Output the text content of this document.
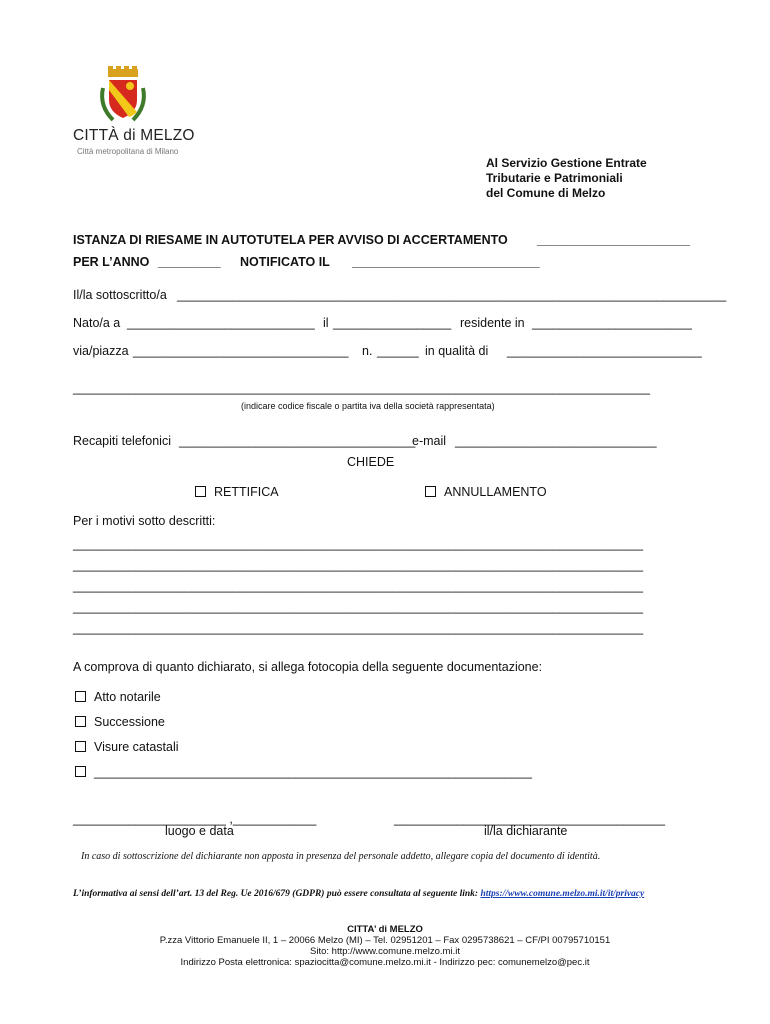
CITTÀ di MELZO
Città metropolitana di Milano
Al Servizio Gestione Entrate
Tributarie e Patrimoniali
del Comune di Melzo
ISTANZA DI RIESAME IN AUTOTUTELA PER AVVISO DI ACCERTAMENTO ______________________
PER L’ANNO _________ NOTIFICATO IL ___________________________
Il/la sottoscritto/a _______________________________________________________________________________
Nato/a a ___________________________ il _________________ residente in _______________________
via/piazza _______________________________ n. ______ in qualità di ____________________________
___________________________________________________________________________________
(indicare codice fiscale o partita iva della società rappresentata)
Recapiti telefonici __________________________________
e-mail _____________________________
CHIEDE
RETTIFICA	ANNULLAMENTO
Per i motivi sotto descritti:
__________________________________________________________________________________
__________________________________________________________________________________
__________________________________________________________________________________
__________________________________________________________________________________
__________________________________________________________________________________
A comprova di quanto dichiarato, si allega fotocopia della seguente documentazione:
Atto notarile
Successione
Visure catastali
_______________________________________________________________
______________________ ,____________
luogo e data
_______________________________________
il/la dichiarante
In caso di sottoscrizione del dichiarante non apposta in presenza del personale addetto, allegare copia del documento di identità.
L’informativa ai sensi dell’art. 13 del Reg. Ue 2016/679 (GDPR) può essere consultata al seguente link: https://www.comune.melzo.mi.it/it/privacy
CITTA’ di MELZO
P.zza Vittorio Emanuele II, 1 – 20066 Melzo (MI) – Tel. 02951201 – Fax 0295738621 – CF/PI 00795710151
Sito: http://www.comune.melzo.mi.it
Indirizzo Posta elettronica: spaziocitta@comune.melzo.mi.it - Indirizzo pec: comunemelzo@pec.it
